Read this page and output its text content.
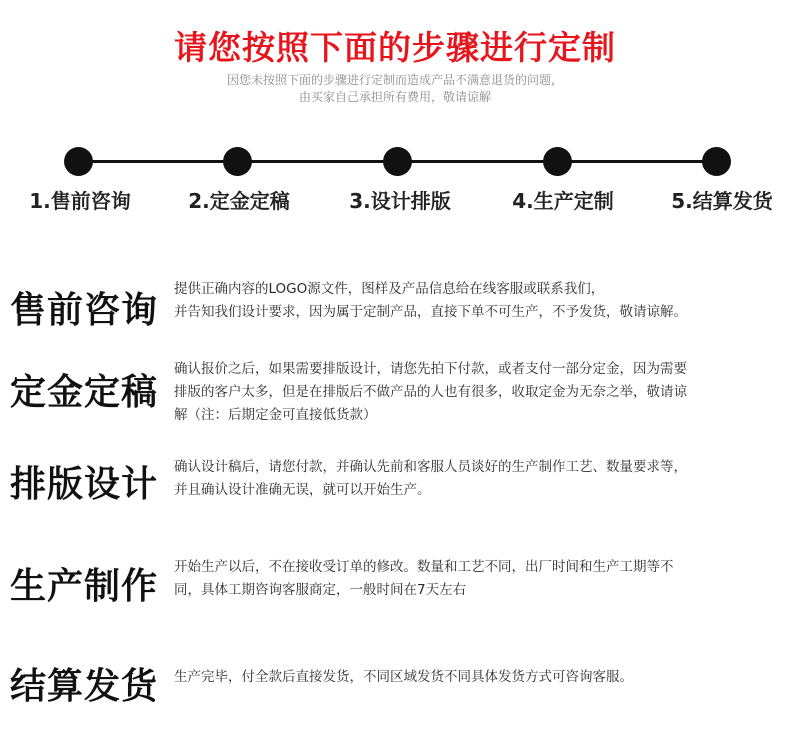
请您按照下面的步骤进行定制
因您未按照下面的步骤进行定制而造成产品不满意退货的问题，
由买家自己承担所有费用，敬请谅解
1.售前咨询	2.定金定稿	3.设计排版	4.生产定制	5.结算发货
售前咨询
提供正确内容的LOGO源文件，图样及产品信息给在线客服或联系我们，
并告知我们设计要求，因为属于定制产品，直接下单不可生产，不予发货，敬请谅解。
定金定稿
确认报价之后，如果需要排版设计，请您先拍下付款，或者支付一部分定金，因为需要
排版的客户太多，但是在排版后不做产品的人也有很多，收取定金为无奈之举，敬请谅
解（注：后期定金可直接低货款）
排版设计 确认设计稿后，请您付款，并确认先前和客服人员谈好的生产制作工艺、数量要求等，
并且确认设计准确无误，就可以开始生产。
生产制作 开始生产以后，不在接收受订单的修改。数量和工艺不同，出厂时间和生产工期等不
同，具体工期咨询客服商定，一般时间在7天左右
结算发货 生产完毕，付全款后直接发货，不同区域发货不同具体发货方式可咨询客服。
